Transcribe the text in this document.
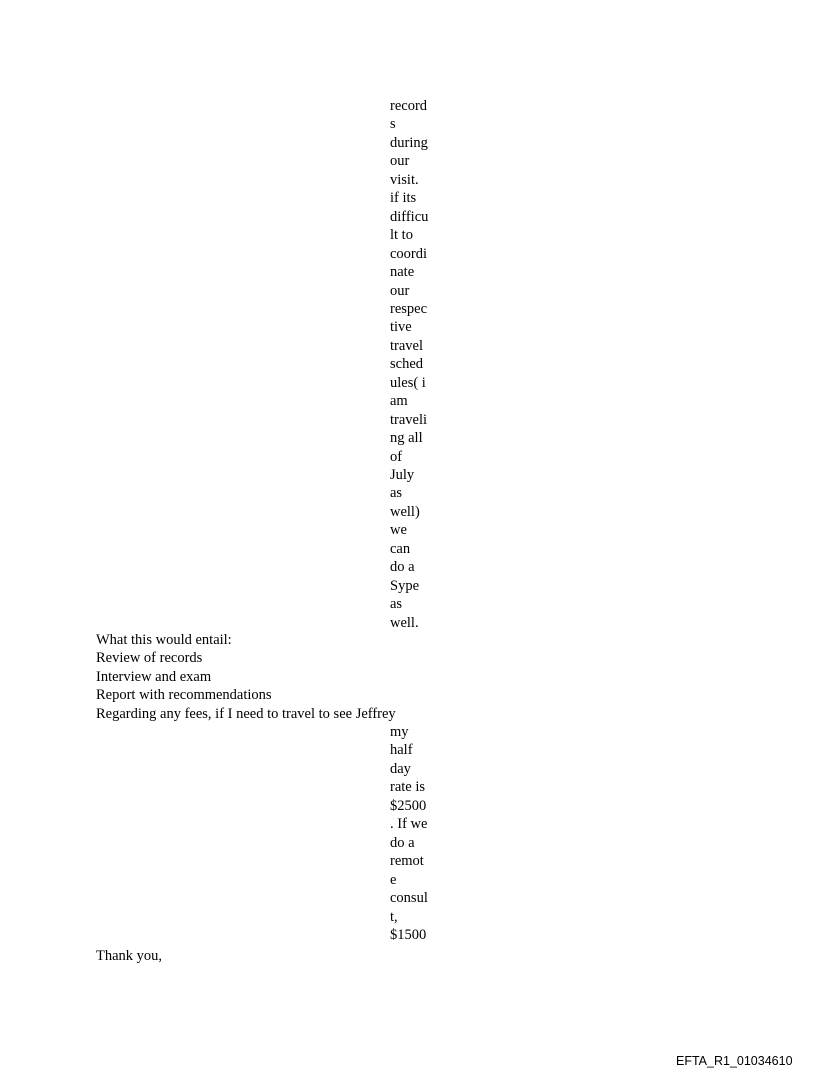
record

s

during

our

visit.

if its

difficu

lt to

coordi

nate

our

respec

tive

travel

sched

ules( i

am

traveli

ng all

of

July

as

well)

we

can

do a

Sype

as

well.

What this would entail:

Review of records

Interview and exam

Report with recommendations

Regarding any fees, if I need to travel to see Jeffrey

my

half

day

rate is

$2500

. If we

do a

remot

e

consul

t,

$1500

Thank you,

EFTA_R1_01034610
